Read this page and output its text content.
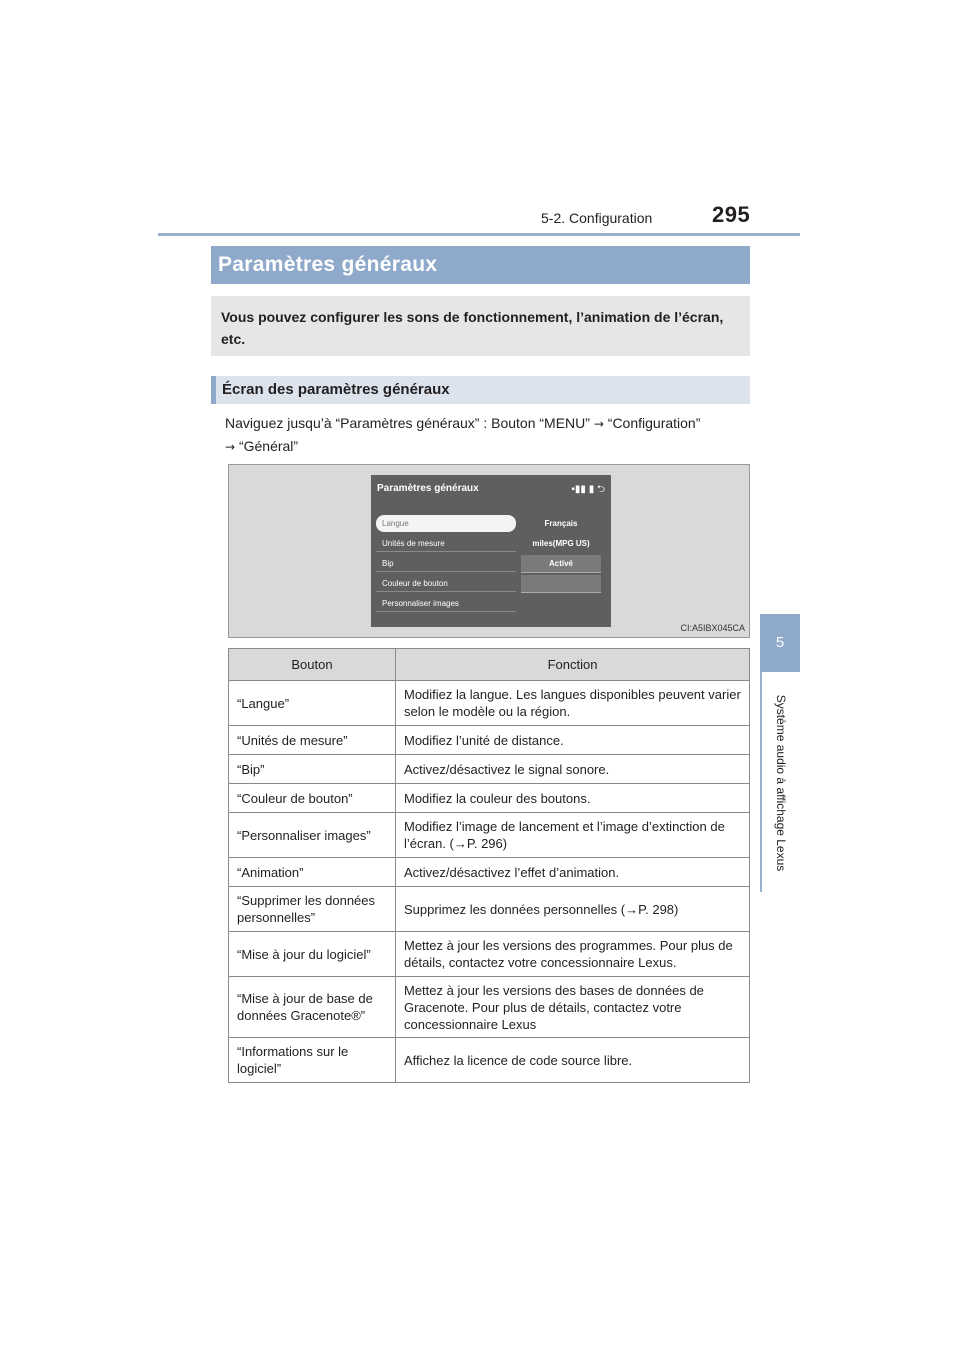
5-2. Configuration	295
5
Système audio à affichage Lexus
Paramètres généraux
Vous pouvez configurer les sons de fonctionnement, l’animation de l’écran, etc.
Écran des paramètres généraux
Naviguez jusqu’à “Paramètres généraux” : Bouton “MENU” → “Configuration”
→ “Général”
Paramètres généraux	▪▮▮ ▮ ⮌
Langue	Français
Unités de mesure	miles(MPG US)
Bip	Activé
Couleur de bouton
Personnaliser images
CI:A5IBX045CA
Bouton	Fonction
“Langue”	Modifiez la langue. Les langues disponibles peuvent varier selon le modèle ou la région.
“Unités de mesure”	Modifiez l’unité de distance.
“Bip”	Activez/désactivez le signal sonore.
“Couleur de bouton”	Modifiez la couleur des boutons.
“Personnaliser images”	Modifiez l’image de lancement et l’image d’extinction de l’écran. (→P. 296)
“Animation”	Activez/désactivez l’effet d’animation.
“Supprimer les données personnelles”	Supprimez les données personnelles (→P. 298)
“Mise à jour du logiciel”	Mettez à jour les versions des programmes. Pour plus de détails, contactez votre concessionnaire Lexus.
“Mise à jour de base de données Gracenote®”	Mettez à jour les versions des bases de données de Gracenote. Pour plus de détails, contactez votre concessionnaire Lexus
“Informations sur le logiciel”	Affichez la licence de code source libre.
